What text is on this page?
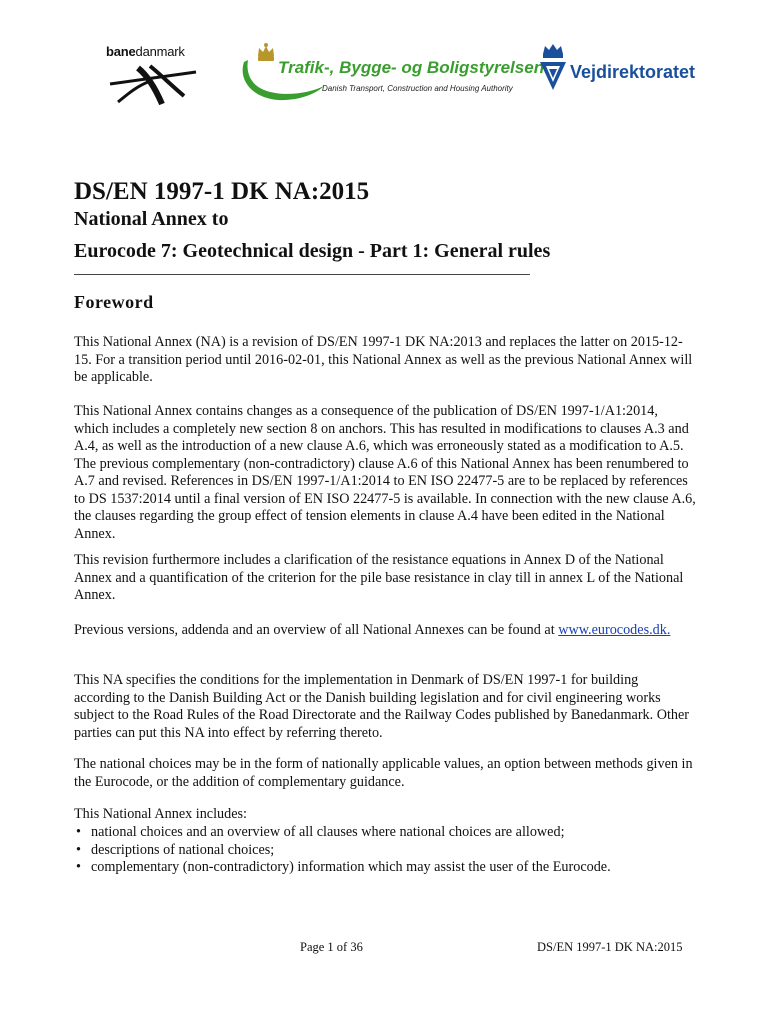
banedanmark
Trafik-, Bygge- og Boligstyrelsen
Danish Transport, Construction and Housing Authority
Vejdirektoratet
DS/EN 1997-1 DK NA:2015
National Annex to
Eurocode 7: Geotechnical design - Part 1: General rules
Foreword

This National Annex (NA) is a revision of DS/EN 1997-1 DK NA:2013 and replaces the latter on 2015-12-15. For a transition period until 2016-02-01, this National Annex as well as the previous National Annex will be applicable.

This National Annex contains changes as a consequence of the publication of DS/EN 1997-1/A1:2014, which includes a completely new section 8 on anchors. This has resulted in modifications to clauses A.3 and A.4, as well as the introduction of a new clause A.6, which was erroneously stated as a modification to A.5. The previous complementary (non-contradictory) clause A.6 of this National Annex has been renumbered to A.7 and revised. References in DS/EN 1997-1/A1:2014 to EN ISO 22477-5 are to be replaced by references to DS 1537:2014 until a final version of EN ISO 22477-5 is available. In connection with the new clause A.6, the clauses regarding the group effect of tension elements in clause A.4 have been edited in the National Annex.

This revision furthermore includes a clarification of the resistance equations in Annex D of the National Annex and a quantification of the criterion for the pile base resistance in clay till in annex L of the National Annex.

Previous versions, addenda and an overview of all National Annexes can be found at www.eurocodes.dk.

This NA specifies the conditions for the implementation in Denmark of DS/EN 1997-1 for building according to the Danish Building Act or the Danish building legislation and for civil engineering works subject to the Road Rules of the Road Directorate and the Railway Codes published by Banedanmark. Other parties can put this NA into effect by referring thereto.

The national choices may be in the form of nationally applicable values, an option between methods given in the Eurocode, or the addition of complementary guidance.

This National Annex includes:

• national choices and an overview of all clauses where national choices are allowed;
• descriptions of national choices;
• complementary (non-contradictory) information which may assist the user of the Eurocode.
Page 1 of 36	DS/EN 1997-1 DK NA:2015
